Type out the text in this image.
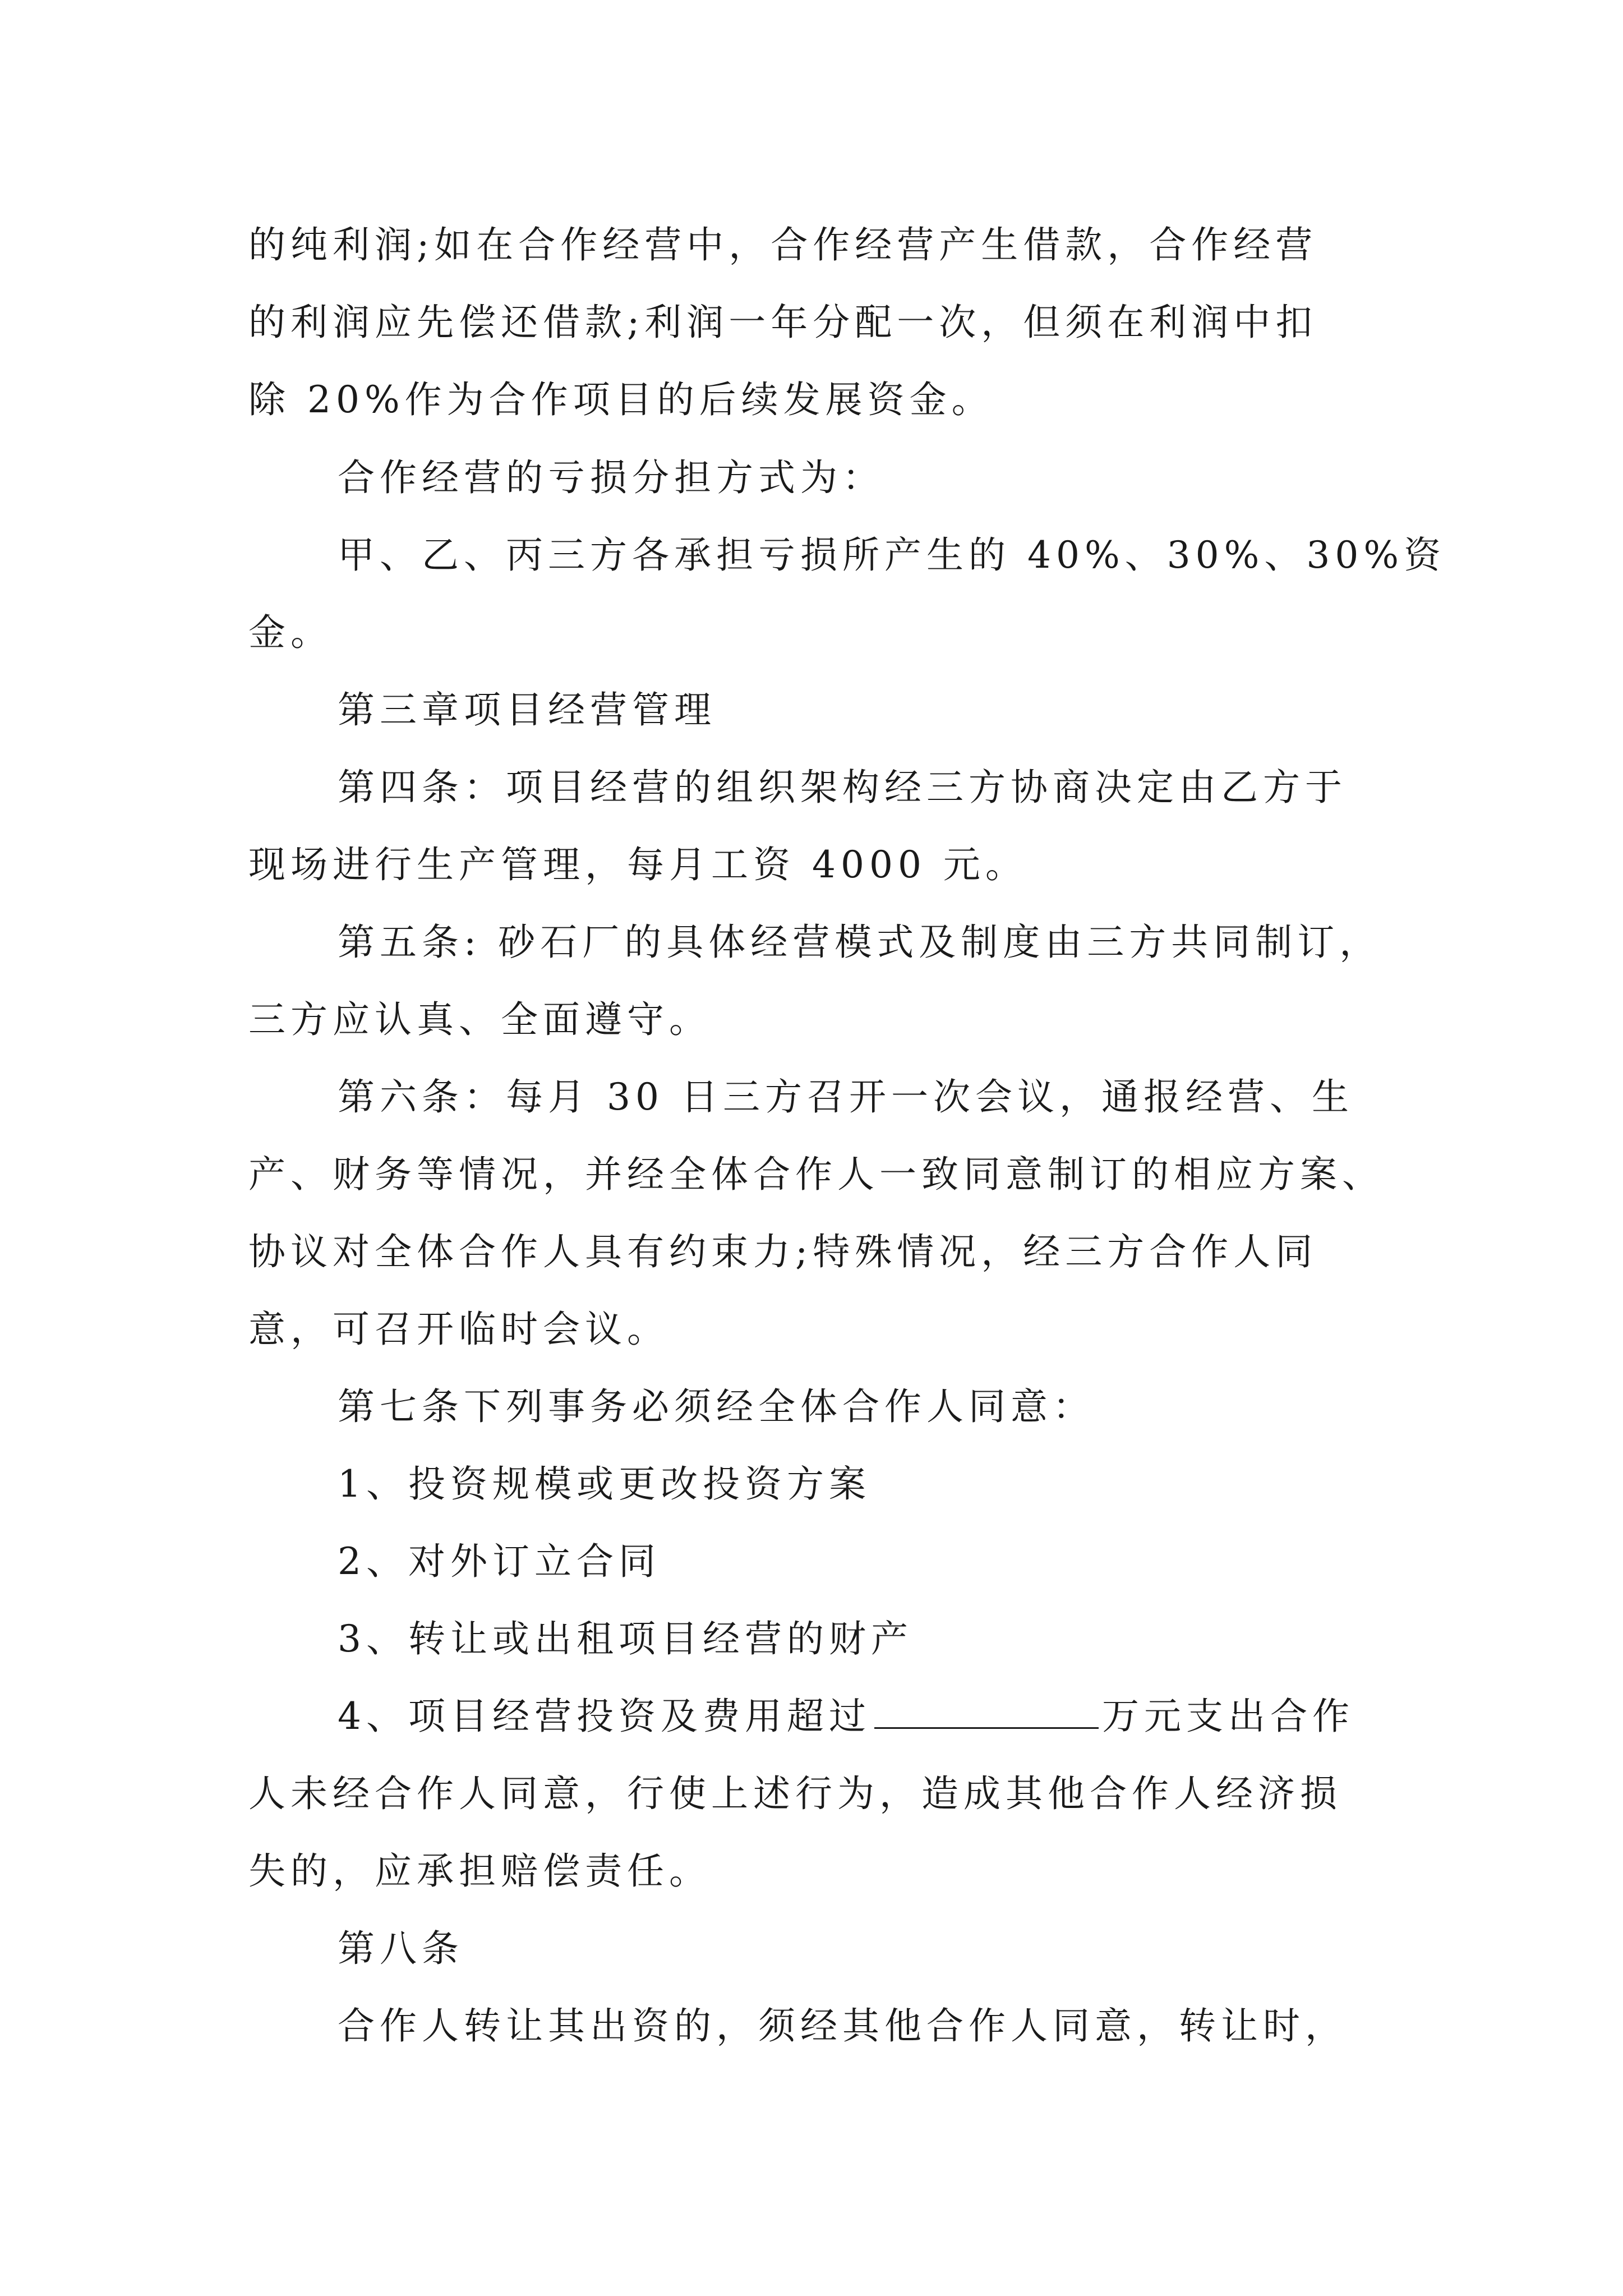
的纯利润;如在合作经营中，合作经营产生借款，合作经营
的利润应先偿还借款;利润一年分配一次，但须在利润中扣
除 20%作为合作项目的后续发展资金。
合作经营的亏损分担方式为：
甲、乙、丙三方各承担亏损所产生的 40%、30%、30%资
金。
第三章项目经营管理
第四条：项目经营的组织架构经三方协商决定由乙方于
现场进行生产管理，每月工资 4000 元。
第五条: 砂石厂的具体经营模式及制度由三方共同制订，
三方应认真、全面遵守。
第六条：每月 30 日三方召开一次会议，通报经营、生
产、财务等情况，并经全体合作人一致同意制订的相应方案、
协议对全体合作人具有约束力;特殊情况，经三方合作人同
意，可召开临时会议。
第七条下列事务必须经全体合作人同意：
1、投资规模或更改投资方案
2、对外订立合同
3、转让或出租项目经营的财产
4、项目经营投资及费用超过	万元支出合作
人未经合作人同意，行使上述行为，造成其他合作人经济损
失的，应承担赔偿责任。
第八条
合作人转让其出资的，须经其他合作人同意，转让时，
